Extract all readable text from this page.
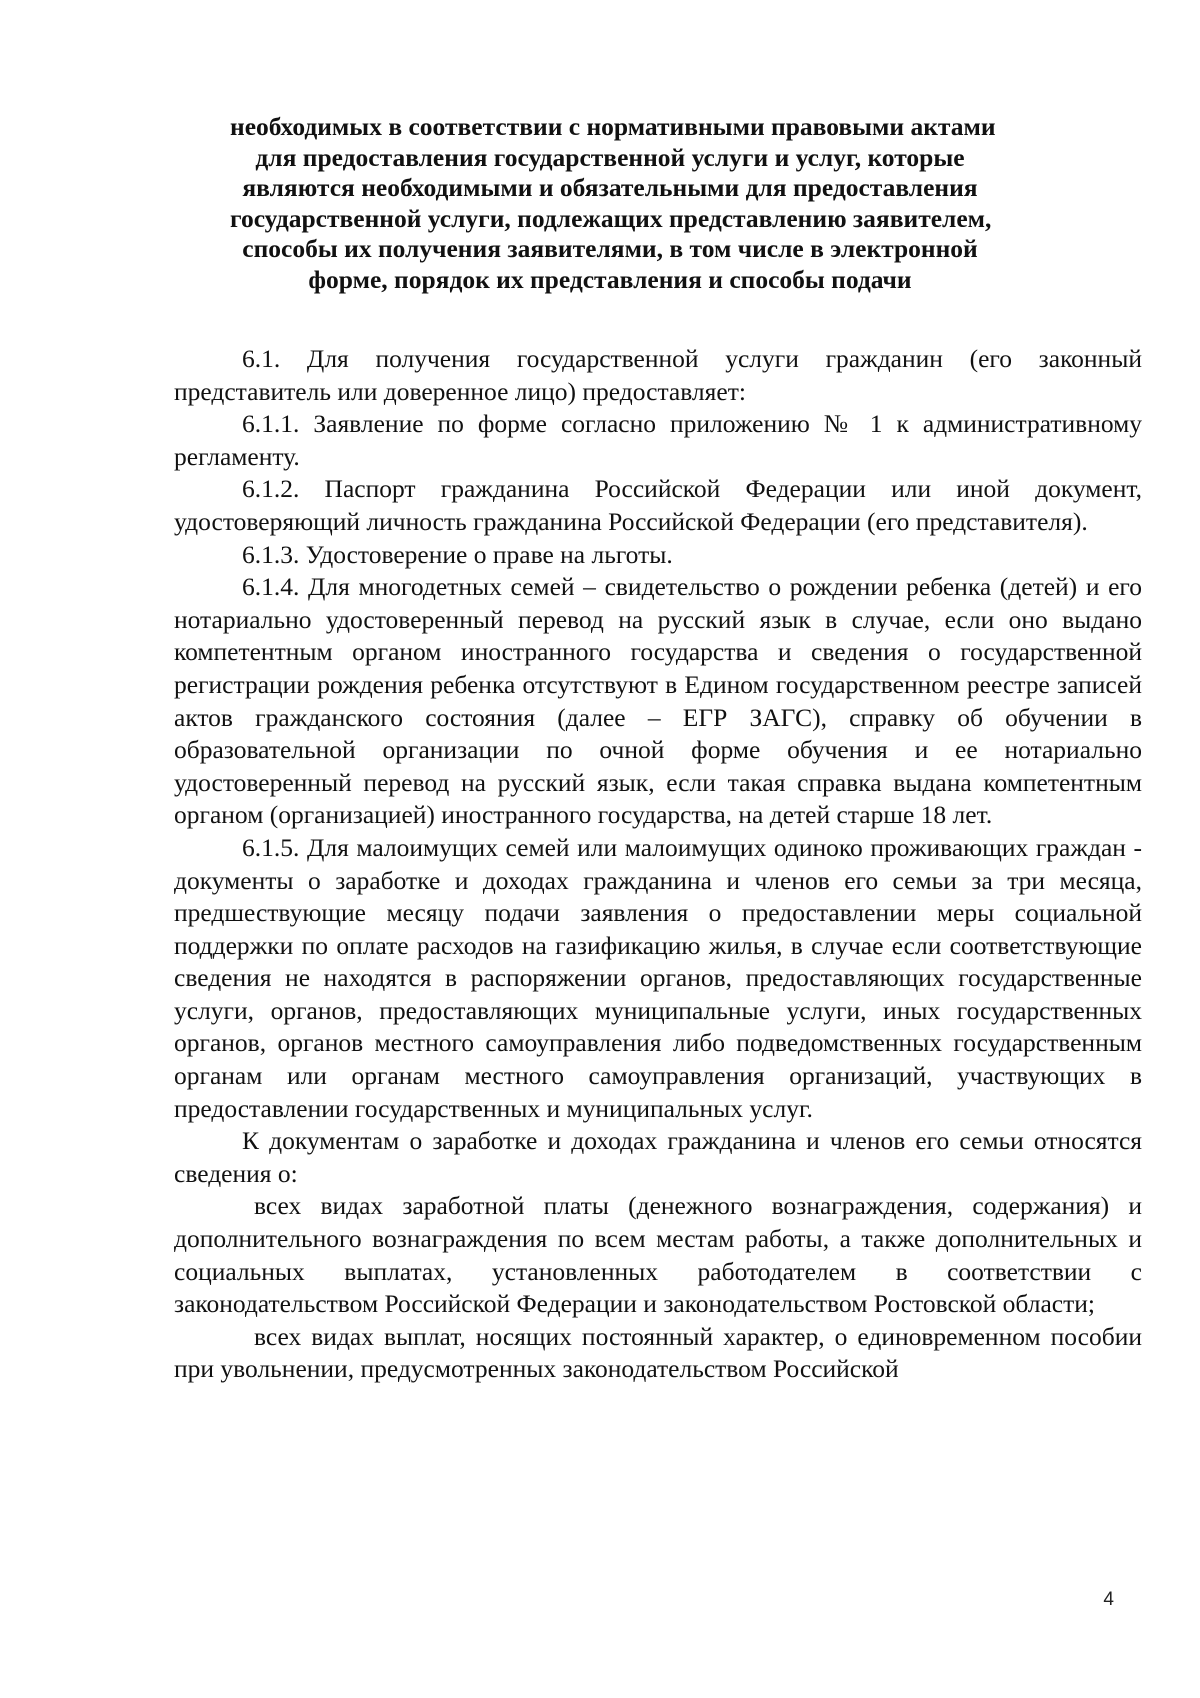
необходимых в соответствии с нормативными правовыми актами
для предоставления государственной услуги и услуг, которые
являются необходимыми и обязательными для предоставления
государственной услуги, подлежащих представлению заявителем,
способы их получения заявителями, в том числе в электронной
форме, порядок их представления и способы подачи

6.1. Для получения государственной услуги гражданин (его законный представитель или доверенное лицо) предоставляет:

6.1.1. Заявление по форме согласно приложению № 1 к административному регламенту.

6.1.2. Паспорт гражданина Российской Федерации или иной документ, удостоверяющий личность гражданина Российской Федерации (его представителя).

6.1.3. Удостоверение о праве на льготы.

6.1.4. Для многодетных семей – свидетельство о рождении ребенка (детей) и его нотариально удостоверенный перевод на русский язык в случае, если оно выдано компетентным органом иностранного государства и сведения о государственной регистрации рождения ребенка отсутствуют в Едином государственном реестре записей актов гражданского состояния (далее – ЕГР ЗАГС), справку об обучении в образовательной организации по очной форме обучения и ее нотариально удостоверенный перевод на русский язык, если такая справка выдана компетентным органом (организацией) иностранного государства, на детей старше 18 лет.

6.1.5. Для малоимущих семей или малоимущих одиноко проживающих граждан - документы о заработке и доходах гражданина и членов его семьи за три месяца, предшествующие месяцу подачи заявления о предоставлении меры социальной поддержки по оплате расходов на газификацию жилья, в случае если соответствующие сведения не находятся в распоряжении органов, предоставляющих государственные услуги, органов, предоставляющих муниципальные услуги, иных государственных органов, органов местного самоуправления либо подведомственных государственным органам или органам местного самоуправления организаций, участвующих в предоставлении государственных и муниципальных услуг.

К документам о заработке и доходах гражданина и членов его семьи относятся сведения о:

всех видах заработной платы (денежного вознаграждения, содержания) и дополнительного вознаграждения по всем местам работы, а также дополнительных и социальных выплатах, установленных работодателем в соответствии с законодательством Российской Федерации и законодательством Ростовской области;

всех видах выплат, носящих постоянный характер, о единовременном пособии при увольнении, предусмотренных законодательством Российской

4
